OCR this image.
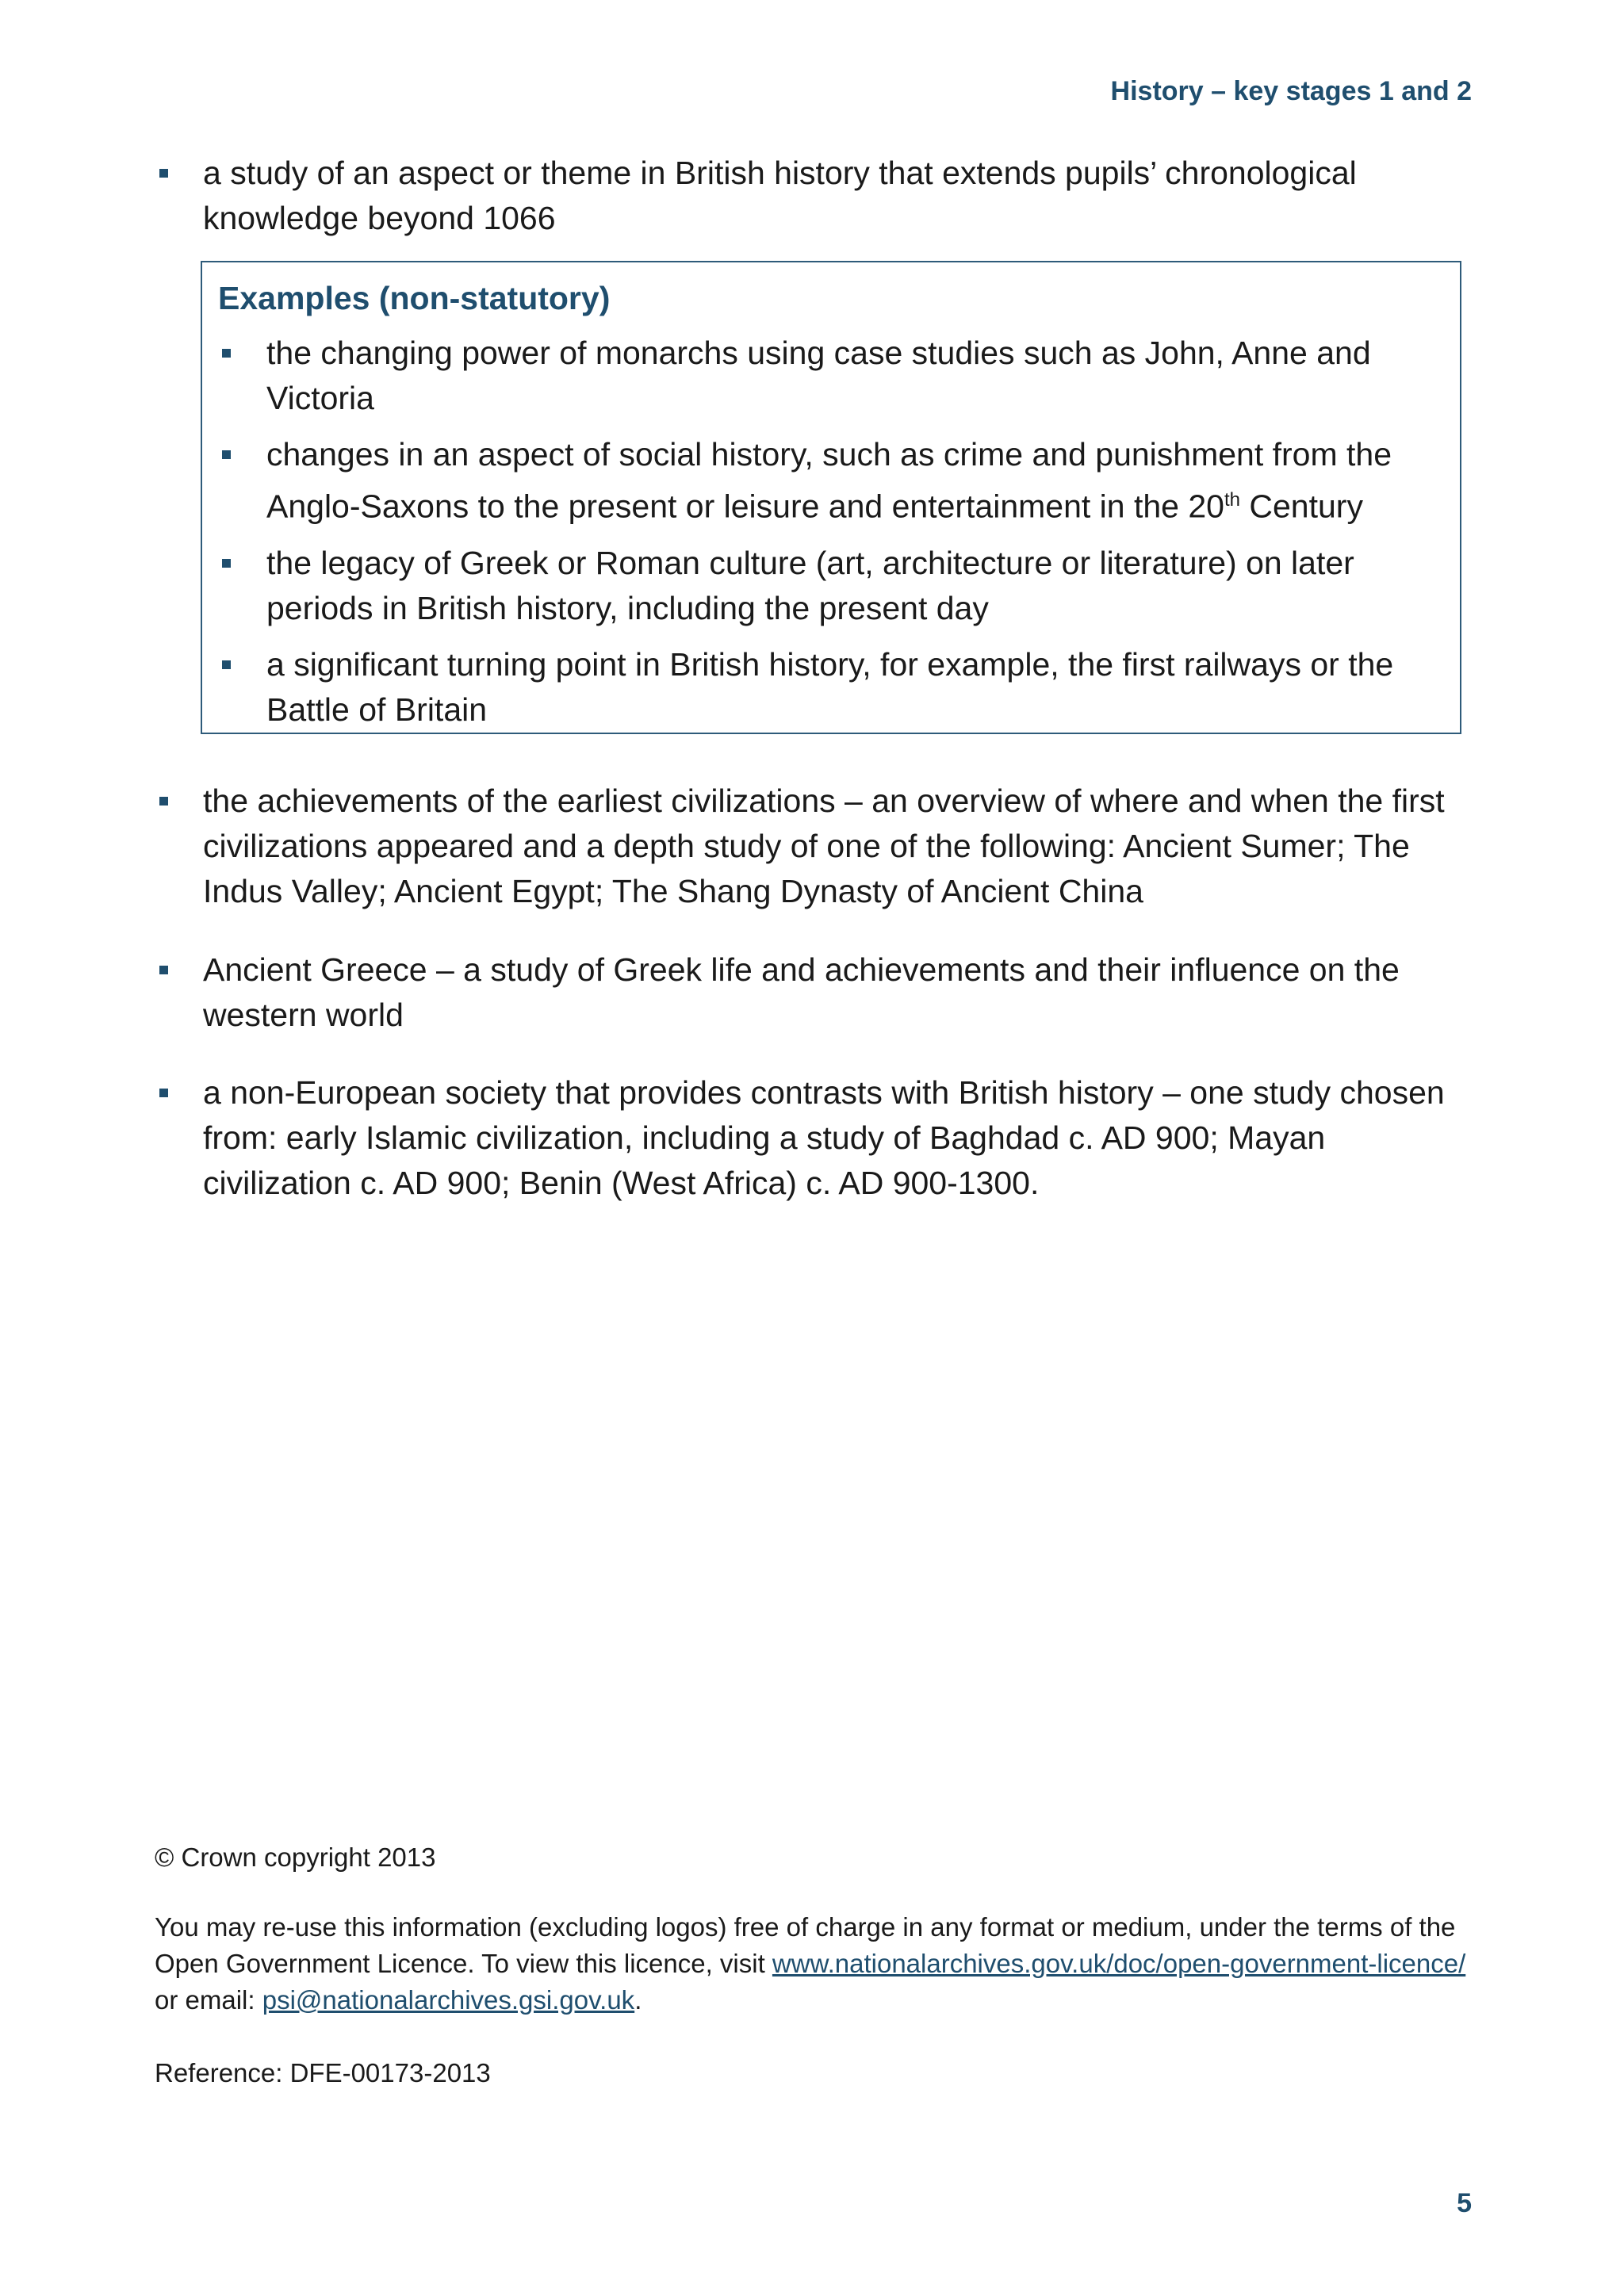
History – key stages 1 and 2
a study of an aspect or theme in British history that extends pupils’ chronological knowledge beyond 1066
Examples (non-statutory)
the changing power of monarchs using case studies such as John, Anne and Victoria
changes in an aspect of social history, such as crime and punishment from the Anglo-Saxons to the present or leisure and entertainment in the 20th Century
the legacy of Greek or Roman culture (art, architecture or literature) on later periods in British history, including the present day
a significant turning point in British history, for example, the first railways or the Battle of Britain
the achievements of the earliest civilizations – an overview of where and when the first civilizations appeared and a depth study of one of the following: Ancient Sumer; The Indus Valley; Ancient Egypt; The Shang Dynasty of Ancient China
Ancient Greece – a study of Greek life and achievements and their influence on the western world
a non-European society that provides contrasts with British history – one study chosen from: early Islamic civilization, including a study of Baghdad c. AD 900; Mayan civilization c. AD 900; Benin (West Africa) c. AD 900-1300.
© Crown copyright 2013
You may re-use this information (excluding logos) free of charge in any format or medium, under the terms of the Open Government Licence. To view this licence, visit www.nationalarchives.gov.uk/doc/open-government-licence/ or email: psi@nationalarchives.gsi.gov.uk.
Reference: DFE-00173-2013
5
